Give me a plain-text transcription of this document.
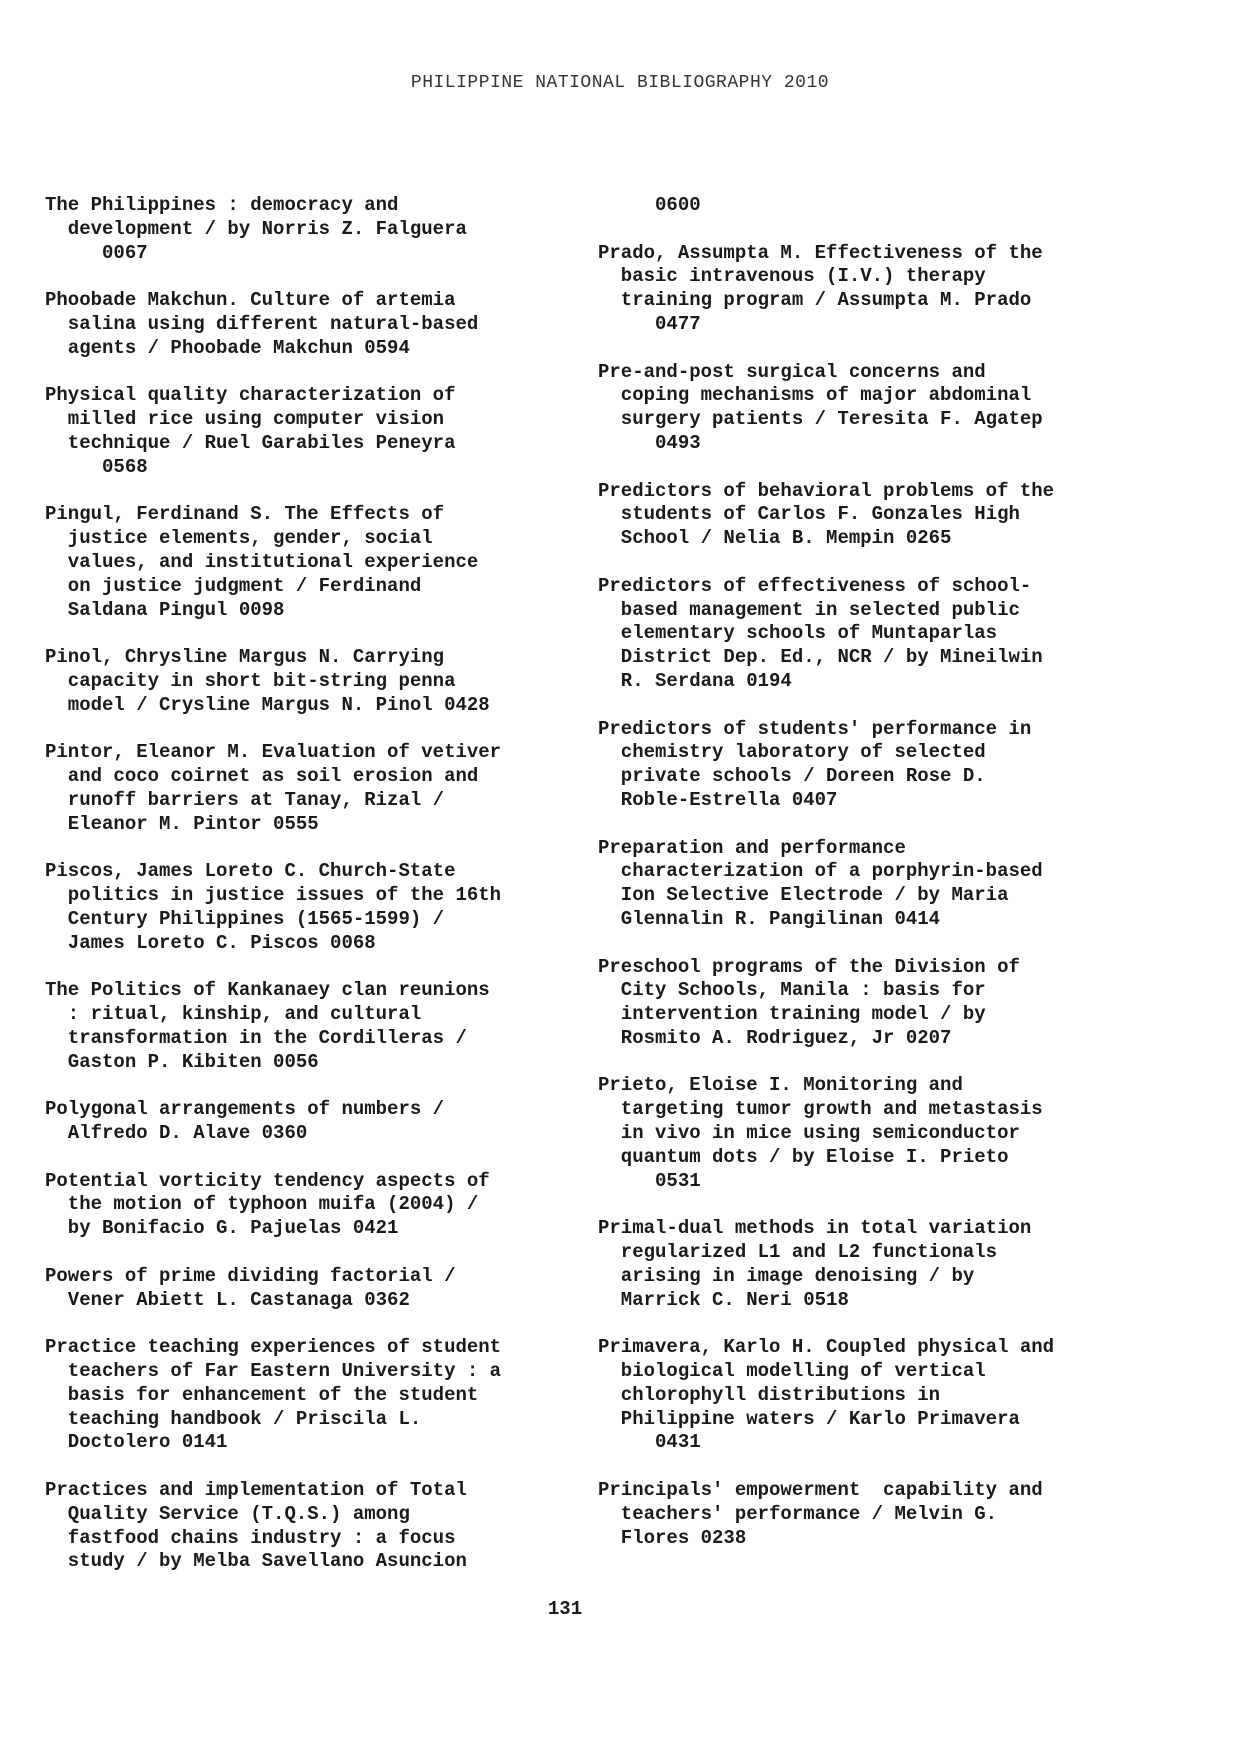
PHILIPPINE NATIONAL BIBLIOGRAPHY 2010
The Philippines : democracy and
development / by Norris Z. Falguera
0067
Phoobade Makchun. Culture of artemia
salina using different natural-based
agents / Phoobade Makchun 0594
Physical quality characterization of
milled rice using computer vision
technique / Ruel Garabiles Peneyra
0568
Pingul, Ferdinand S. The Effects of
justice elements, gender, social
values, and institutional experience
on justice judgment / Ferdinand
Saldana Pingul 0098
Pinol, Chrysline Margus N. Carrying
capacity in short bit-string penna
model / Crysline Margus N. Pinol 0428
Pintor, Eleanor M. Evaluation of vetiver
and coco coirnet as soil erosion and
runoff barriers at Tanay, Rizal /
Eleanor M. Pintor 0555
Piscos, James Loreto C. Church-State
politics in justice issues of the 16th
Century Philippines (1565-1599) /
James Loreto C. Piscos 0068
The Politics of Kankanaey clan reunions
: ritual, kinship, and cultural
transformation in the Cordilleras /
Gaston P. Kibiten 0056
Polygonal arrangements of numbers /
Alfredo D. Alave 0360
Potential vorticity tendency aspects of
the motion of typhoon muifa (2004) /
by Bonifacio G. Pajuelas 0421
Powers of prime dividing factorial /
Vener Abiett L. Castanaga 0362
Practice teaching experiences of student
teachers of Far Eastern University : a
basis for enhancement of the student
teaching handbook / Priscila L.
Doctolero 0141
Practices and implementation of Total
Quality Service (T.Q.S.) among
fastfood chains industry : a focus
study / by Melba Savellano Asuncion
0600
Prado, Assumpta M. Effectiveness of the
basic intravenous (I.V.) therapy
training program / Assumpta M. Prado
0477
Pre-and-post surgical concerns and
coping mechanisms of major abdominal
surgery patients / Teresita F. Agatep
0493
Predictors of behavioral problems of the
students of Carlos F. Gonzales High
School / Nelia B. Mempin 0265
Predictors of effectiveness of school-
based management in selected public
elementary schools of Muntaparlas
District Dep. Ed., NCR / by Mineilwin
R. Serdana 0194
Predictors of students' performance in
chemistry laboratory of selected
private schools / Doreen Rose D.
Roble-Estrella 0407
Preparation and performance
characterization of a porphyrin-based
Ion Selective Electrode / by Maria
Glennalin R. Pangilinan 0414
Preschool programs of the Division of
City Schools, Manila : basis for
intervention training model / by
Rosmito A. Rodriguez, Jr 0207
Prieto, Eloise I. Monitoring and
targeting tumor growth and metastasis
in vivo in mice using semiconductor
quantum dots / by Eloise I. Prieto
0531
Primal-dual methods in total variation
regularized L1 and L2 functionals
arising in image denoising / by
Marrick C. Neri 0518
Primavera, Karlo H. Coupled physical and
biological modelling of vertical
chlorophyll distributions in
Philippine waters / Karlo Primavera
0431
Principals' empowerment  capability and
teachers' performance / Melvin G.
Flores 0238
131
